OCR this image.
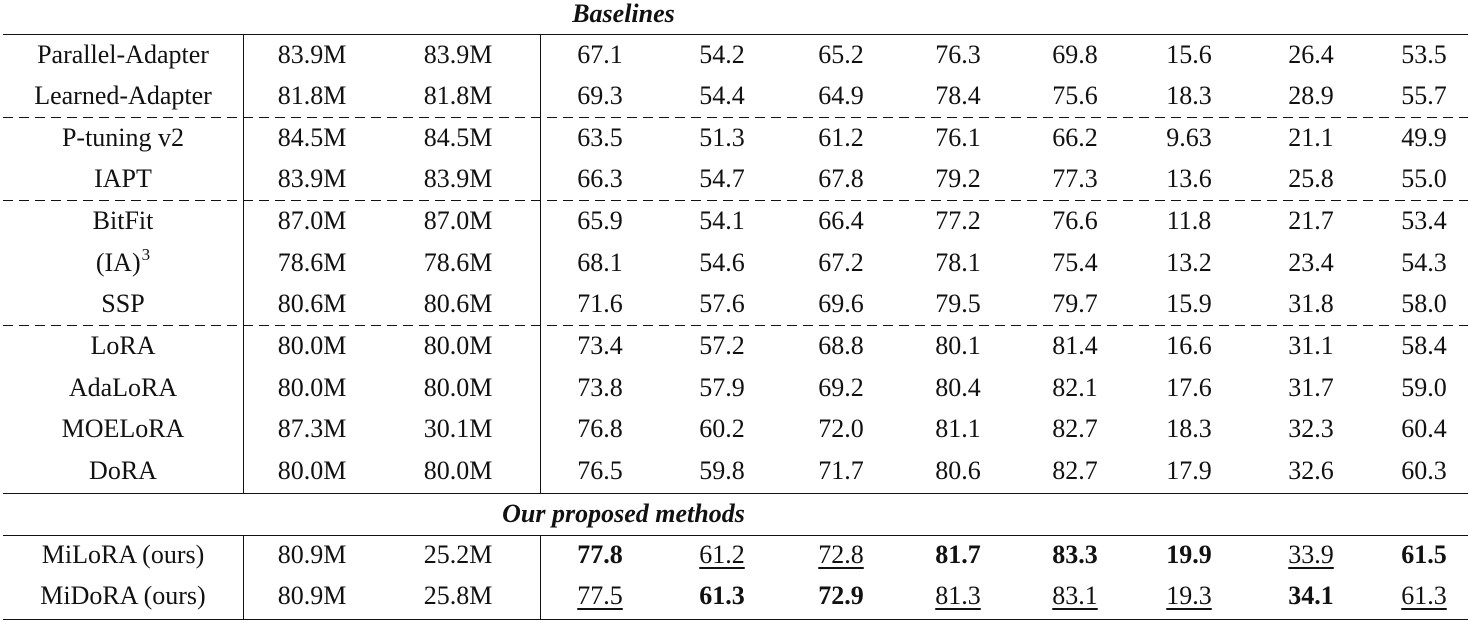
Baselines
Our proposed methods
Parallel-Adapter	83.9M	83.9M	67.1	54.2	65.2	76.3	69.8	15.6	26.4	53.5
Learned-Adapter	81.8M	81.8M	69.3	54.4	64.9	78.4	75.6	18.3	28.9	55.7
P-tuning v2	84.5M	84.5M	63.5	51.3	61.2	76.1	66.2	9.63	21.1	49.9
IAPT	83.9M	83.9M	66.3	54.7	67.8	79.2	77.3	13.6	25.8	55.0
BitFit	87.0M	87.0M	65.9	54.1	66.4	77.2	76.6	11.8	21.7	53.4
(IA)$^3$	78.6M	78.6M	68.1	54.6	67.2	78.1	75.4	13.2	23.4	54.3
SSP	80.6M	80.6M	71.6	57.6	69.6	79.5	79.7	15.9	31.8	58.0
LoRA	80.0M	80.0M	73.4	57.2	68.8	80.1	81.4	16.6	31.1	58.4
AdaLoRA	80.0M	80.0M	73.8	57.9	69.2	80.4	82.1	17.6	31.7	59.0
MOELoRA	87.3M	30.1M	76.8	60.2	72.0	81.1	82.7	18.3	32.3	60.4
DoRA	80.0M	80.0M	76.5	59.8	71.7	80.6	82.7	17.9	32.6	60.3
MiLoRA (ours)	80.9M	25.2M	77.8	61.2	72.8	81.7	83.3	19.9	33.9	61.5
MiDoRA (ours)	80.9M	25.8M	77.5	61.3	72.9	81.3	83.1	19.3	34.1	61.3
